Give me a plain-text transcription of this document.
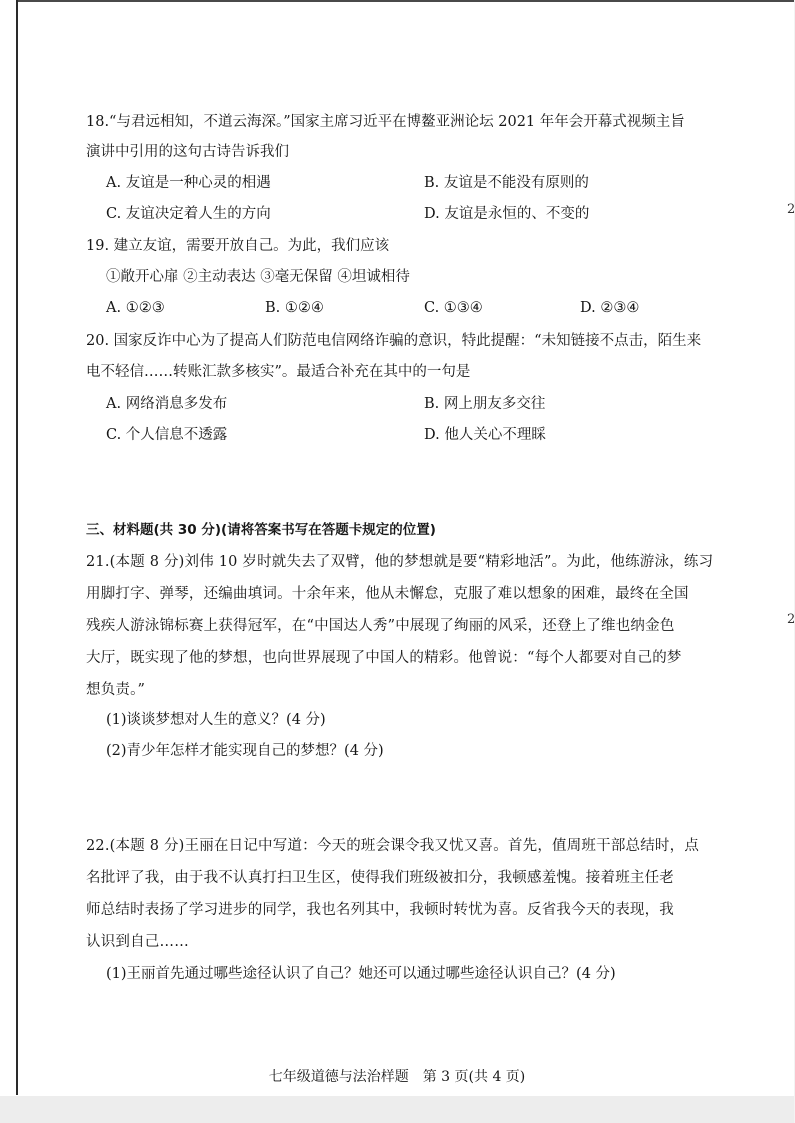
2
2
18.“与君远相知，不道云海深。”国家主席习近平在博鳌亚洲论坛 2021 年年会开幕式视频主旨
演讲中引用的这句古诗告诉我们
A. 友谊是一种心灵的相遇	B. 友谊是不能没有原则的
C. 友谊决定着人生的方向	D. 友谊是永恒的、不变的
19. 建立友谊，需要开放自己。为此，我们应该
①敞开心扉 ②主动表达 ③毫无保留 ④坦诚相待
A. ①②③	B. ①②④	C. ①③④	D. ②③④
20. 国家反诈中心为了提高人们防范电信网络诈骗的意识，特此提醒：“未知链接不点击，陌生来
电不轻信……转账汇款多核实”。最适合补充在其中的一句是
A. 网络消息多发布	B. 网上朋友多交往
C. 个人信息不透露	D. 他人关心不理睬
三、材料题(共 30 分)(请将答案书写在答题卡规定的位置)
21.(本题 8 分)刘伟 10 岁时就失去了双臂，他的梦想就是要“精彩地活”。为此，他练游泳，练习
用脚打字、弹琴，还编曲填词。十余年来，他从未懈怠，克服了难以想象的困难，最终在全国
残疾人游泳锦标赛上获得冠军，在“中国达人秀”中展现了绚丽的风采，还登上了维也纳金色
大厅，既实现了他的梦想，也向世界展现了中国人的精彩。他曾说：“每个人都要对自己的梦
想负责。”
(1)谈谈梦想对人生的意义？(4 分)
(2)青少年怎样才能实现自己的梦想？(4 分)
22.(本题 8 分)王丽在日记中写道：今天的班会课令我又忧又喜。首先，值周班干部总结时，点
名批评了我，由于我不认真打扫卫生区，使得我们班级被扣分，我顿感羞愧。接着班主任老
师总结时表扬了学习进步的同学，我也名列其中，我顿时转忧为喜。反省我今天的表现，我
认识到自己……
(1)王丽首先通过哪些途径认识了自己？她还可以通过哪些途径认识自己？(4 分)
七年级道德与法治样题　第 3 页(共 4 页)
